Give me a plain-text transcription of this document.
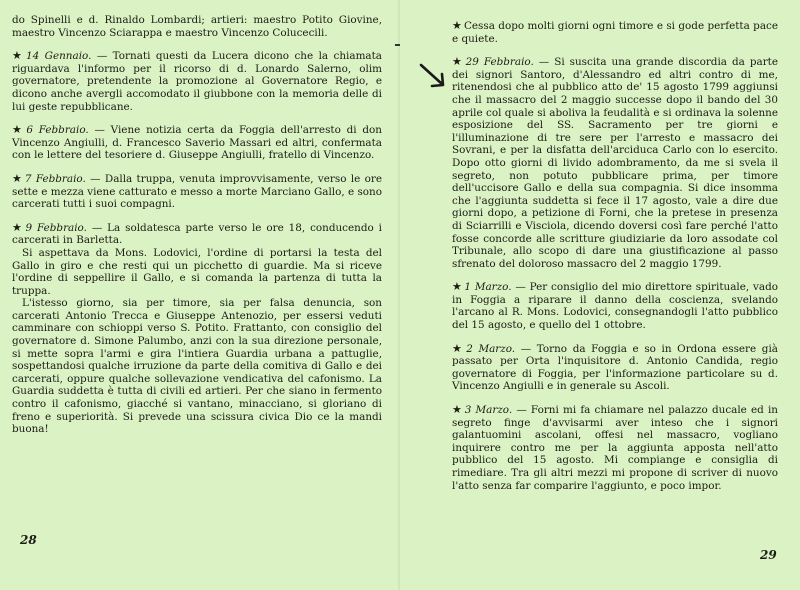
do Spinelli e d. Rinaldo Lombardi; artieri: maestro Potito Giovine, maestro Vincenzo Sciarappa e maestro Vincenzo Colucecili.

★ 14 Gennaio. — Tornati questi da Lucera dicono che la chiamata riguardava l'informo per il ricorso di d. Lonardo Salerno, olim governatore, pretendente la promozione al Governatore Regio, e dicono anche avergli accomodato il giubbone con la memoria delle di lui geste repubblicane.

★ 6 Febbraio. — Viene notizia certa da Foggia dell'arresto di don Vincenzo Angiulli, d. Francesco Saverio Massari ed altri, confermata con le lettere del tesoriere d. Giuseppe Angiulli, fratello di Vincenzo.

★ 7 Febbraio. — Dalla truppa, venuta improvvisamente, verso le ore sette e mezza viene catturato e messo a morte Marciano Gallo, e sono carcerati tutti i suoi compagni.

★ 9 Febbraio. — La soldatesca parte verso le ore 18, conducendo i carcerati in Barletta.

Si aspettava da Mons. Lodovici, l'ordine di portarsi la testa del Gallo in giro e che resti qui un picchetto di guardie. Ma si riceve l'ordine di seppellire il Gallo, e si comanda la partenza di tutta la truppa.

L'istesso giorno, sia per timore, sia per falsa denuncia, son carcerati Antonio Trecca e Giuseppe Antenozio, per essersi veduti camminare con schioppi verso S. Potito. Frattanto, con consiglio del governatore d. Simone Palumbo, anzi con la sua direzione personale, si mette sopra l'armi e gira l'intiera Guardia urbana a pattuglie, sospettandosi qualche irruzione da parte della comitiva di Gallo e dei carcerati, oppure qualche sollevazione vendicativa del cafonismo. La Guardia suddetta è tutta di civili ed artieri. Per che siano in fermento contro il cafonismo, giacché si vantano, minacciano, si gloriano di freno e superiorità. Si prevede una scissura civica Dio ce la mandi buona!

★ Cessa dopo molti giorni ogni timore e si gode perfetta pace e quiete.

★ 29 Febbraio. — Si suscita una grande discordia da parte dei signori Santoro, d'Alessandro ed altri contro di me, ritenendosi che al pubblico atto de' 15 agosto 1799 aggiunsi che il massacro del 2 maggio successe dopo il bando del 30 aprile col quale si aboliva la feudalità e si ordinava la solenne esposizione del SS. Sacramento per tre giorni e l'illuminazione di tre sere per l'arresto e massacro dei Sovrani, e per la disfatta dell'arciduca Carlo con lo esercito. Dopo otto giorni di livido adombramento, da me si svela il segreto, non potuto pubblicare prima, per timore dell'uccisore Gallo e della sua compagnia. Si dice insomma che l'aggiunta suddetta si fece il 17 agosto, vale a dire due giorni dopo, a petizione di Forni, che la pretese in presenza di Sciarrilli e Visciola, dicendo doversi così fare perché l'atto fosse concorde alle scritture giudiziarie da loro assodate col Tribunale, allo scopo di dare una giustificazione al passo sfrenato del doloroso massacro del 2 maggio 1799.

★ 1 Marzo. — Per consiglio del mio direttore spirituale, vado in Foggia a riparare il danno della coscienza, svelando l'arcano al R. Mons. Lodovici, consegnandogli l'atto pubblico del 15 agosto, e quello del 1 ottobre.

★ 2 Marzo. — Torno da Foggia e so in Ordona essere già passato per Orta l'inquisitore d. Antonio Candida, regio governatore di Foggia, per l'informazione particolare su d. Vincenzo Angiulli e in generale su Ascoli.

★ 3 Marzo. — Forni mi fa chiamare nel palazzo ducale ed in segreto finge d'avvisarmi aver inteso che i signori galantuomini ascolani, offesi nel massacro, vogliano inquirere contro me per la aggiunta apposta nell'atto pubblico del 15 agosto. Mi compiange e consiglia di rimediare. Tra gli altri mezzi mi propone di scriver di nuovo l'atto senza far comparire l'aggiunto, e poco impor.

28
29
